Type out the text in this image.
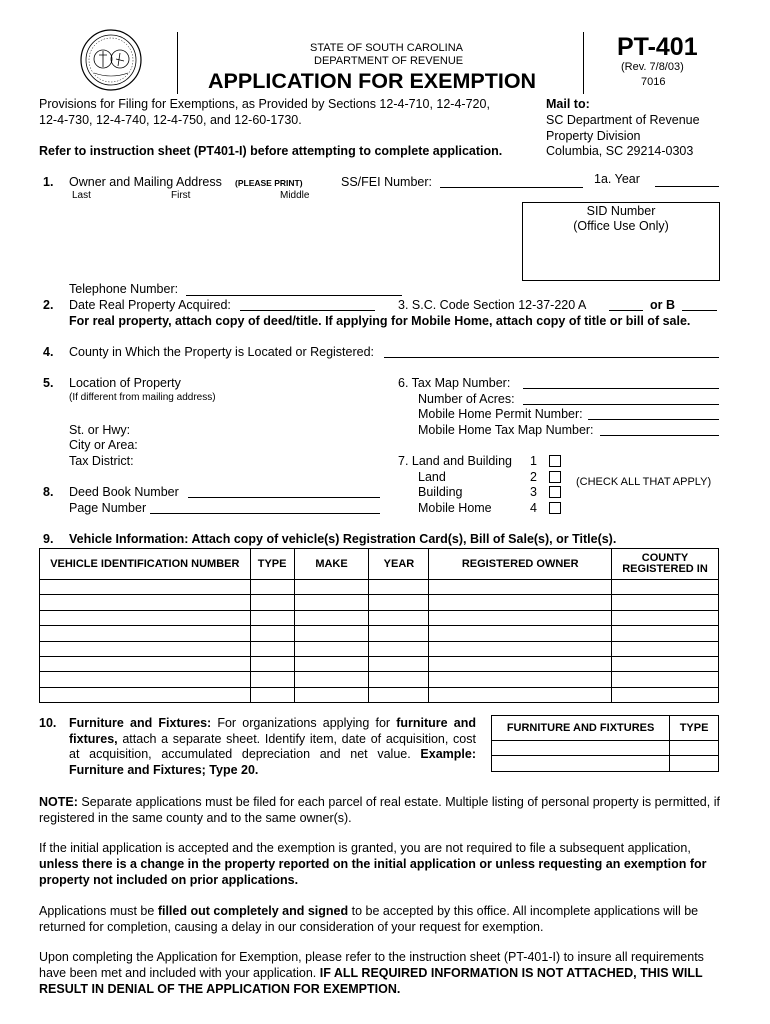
STATE OF SOUTH CAROLINA
DEPARTMENT OF REVENUE
APPLICATION FOR EXEMPTION
PT-401
(Rev. 7/8/03)
7016
Provisions for Filing for Exemptions, as Provided by Sections 12-4-710, 12-4-720,
12-4-730, 12-4-740, 12-4-750, and 12-60-1730.
Refer to instruction sheet (PT401-I) before attempting to complete application.
Mail to:
SC Department of Revenue
Property Division
Columbia, SC 29214-0303
1. Owner and Mailing Address (PLEASE PRINT)
Last	First	Middle
SS/FEI Number:	1a. Year
SID Number
(Office Use Only)
Telephone Number:
2. Date Real Property Acquired:	3. S.C. Code Section 12-37-220 A	or B
For real property, attach copy of deed/title. If applying for Mobile Home, attach copy of title or bill of sale.
4. County in Which the Property is Located or Registered:
5. Location of Property
(If different from mailing address)
St. or Hwy:
City or Area:
Tax District:
6. Tax Map Number:
Number of Acres:
Mobile Home Permit Number:
Mobile Home Tax Map Number:
7. Land and Building
Land
Building
Mobile Home
1
2
3
4
(CHECK ALL THAT APPLY)
8. Deed Book Number
Page Number
9. Vehicle Information: Attach copy of vehicle(s) Registration Card(s), Bill of Sale(s), or Title(s).
VEHICLE IDENTIFICATION NUMBER	TYPE	MAKE	YEAR	REGISTERED OWNER	COUNTY
REGISTERED IN

10. Furniture and Fixtures: For organizations applying for furniture and
fixtures, attach a separate sheet. Identify item, date of acquisition, cost
at acquisition, accumulated depreciation and net value. Example:
Furniture and Fixtures; Type 20.
FURNITURE AND FIXTURES	TYPE

NOTE: Separate applications must be filed for each parcel of real estate. Multiple listing of personal property is permitted, if registered in the same county and to the same owner(s).
If the initial application is accepted and the exemption is granted, you are not required to file a subsequent application, unless there is a change in the property reported on the initial application or unless requesting an exemption for property not included on prior applications.
Applications must be filled out completely and signed to be accepted by this office. All incomplete applications will be returned for completion, causing a delay in our consideration of your request for exemption.
Upon completing the Application for Exemption, please refer to the instruction sheet (PT-401-I) to insure all requirements have been met and included with your application. IF ALL REQUIRED INFORMATION IS NOT ATTACHED, THIS WILL RESULT IN DENIAL OF THE APPLICATION FOR EXEMPTION.
